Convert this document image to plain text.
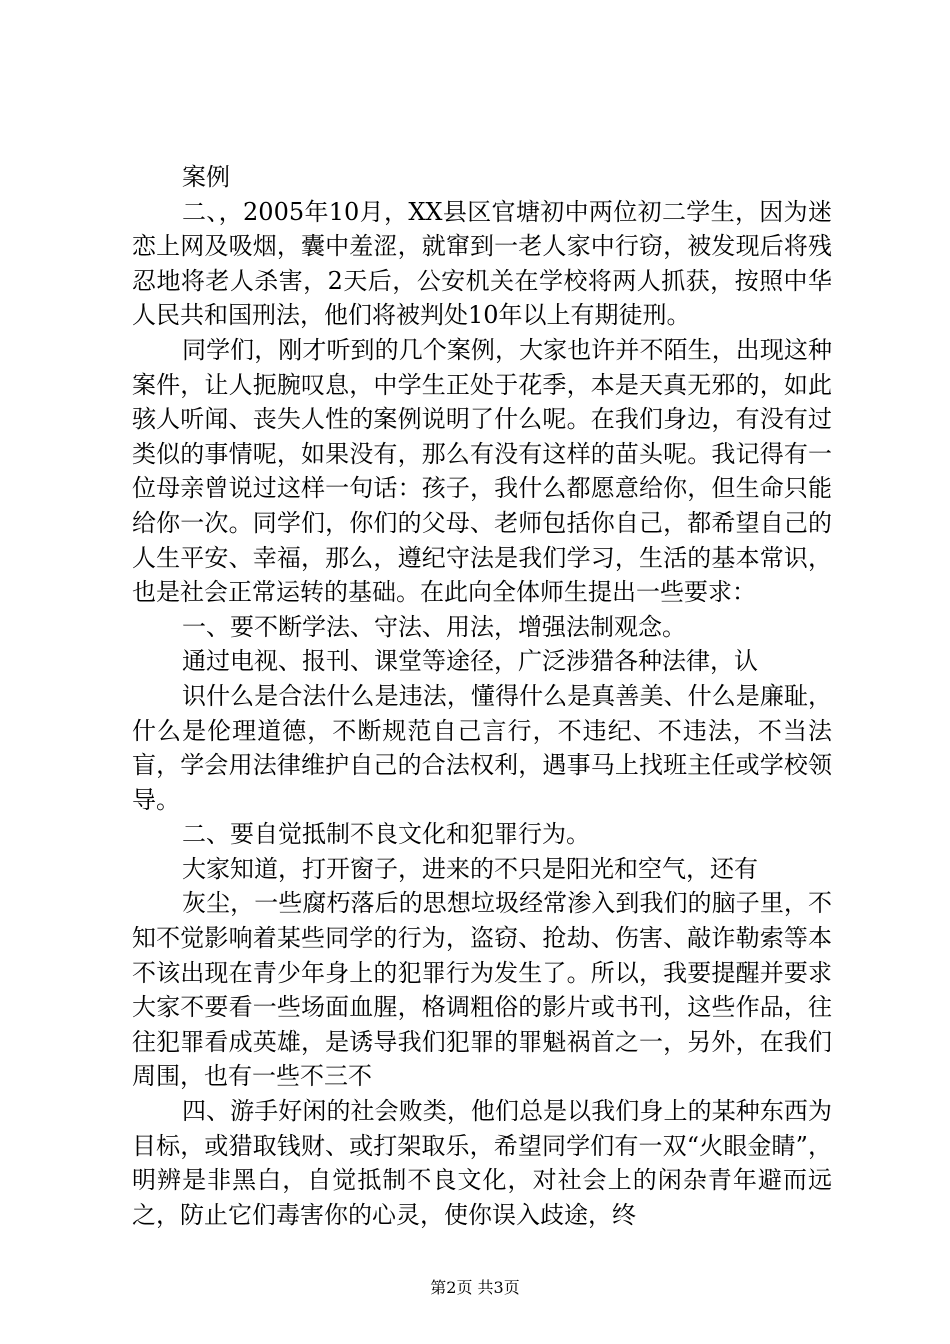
案例

二、，2005年10月，XX县区官塘初中两位初二学生，因为迷恋上网及吸烟，囊中羞涩，就窜到一老人家中行窃，被发现后将残忍地将老人杀害，2天后，公安机关在学校将两人抓获，按照中华人民共和国刑法，他们将被判处10年以上有期徒刑。

同学们，刚才听到的几个案例，大家也许并不陌生，出现这种案件，让人扼腕叹息，中学生正处于花季，本是天真无邪的，如此骇人听闻、丧失人性的案例说明了什么呢。在我们身边，有没有过类似的事情呢，如果没有，那么有没有这样的苗头呢。我记得有一位母亲曾说过这样一句话：孩子，我什么都愿意给你，但生命只能给你一次。同学们，你们的父母、老师包括你自己，都希望自己的人生平安、幸福，那么，遵纪守法是我们学习，生活的基本常识，也是社会正常运转的基础。在此向全体师生提出一些要求：

一、要不断学法、守法、用法，增强法制观念。

通过电视、报刊、课堂等途径，广泛涉猎各种法律，认

识什么是合法什么是违法，懂得什么是真善美、什么是廉耻，什么是伦理道德，不断规范自己言行，不违纪、不违法，不当法盲，学会用法律维护自己的合法权利，遇事马上找班主任或学校领导。

二、要自觉抵制不良文化和犯罪行为。

大家知道，打开窗子，进来的不只是阳光和空气，还有

灰尘，一些腐朽落后的思想垃圾经常渗入到我们的脑子里，不知不觉影响着某些同学的行为，盗窃、抢劫、伤害、敲诈勒索等本不该出现在青少年身上的犯罪行为发生了。所以，我要提醒并要求大家不要看一些场面血腥，格调粗俗的影片或书刊，这些作品，往往犯罪看成英雄，是诱导我们犯罪的罪魁祸首之一，另外，在我们周围，也有一些不三不

四、游手好闲的社会败类，他们总是以我们身上的某种东西为目标，或猎取钱财、或打架取乐，希望同学们有一双“火眼金睛”，明辨是非黑白，自觉抵制不良文化，对社会上的闲杂青年避而远之，防止它们毒害你的心灵，使你误入歧途，终

第2页 共3页
